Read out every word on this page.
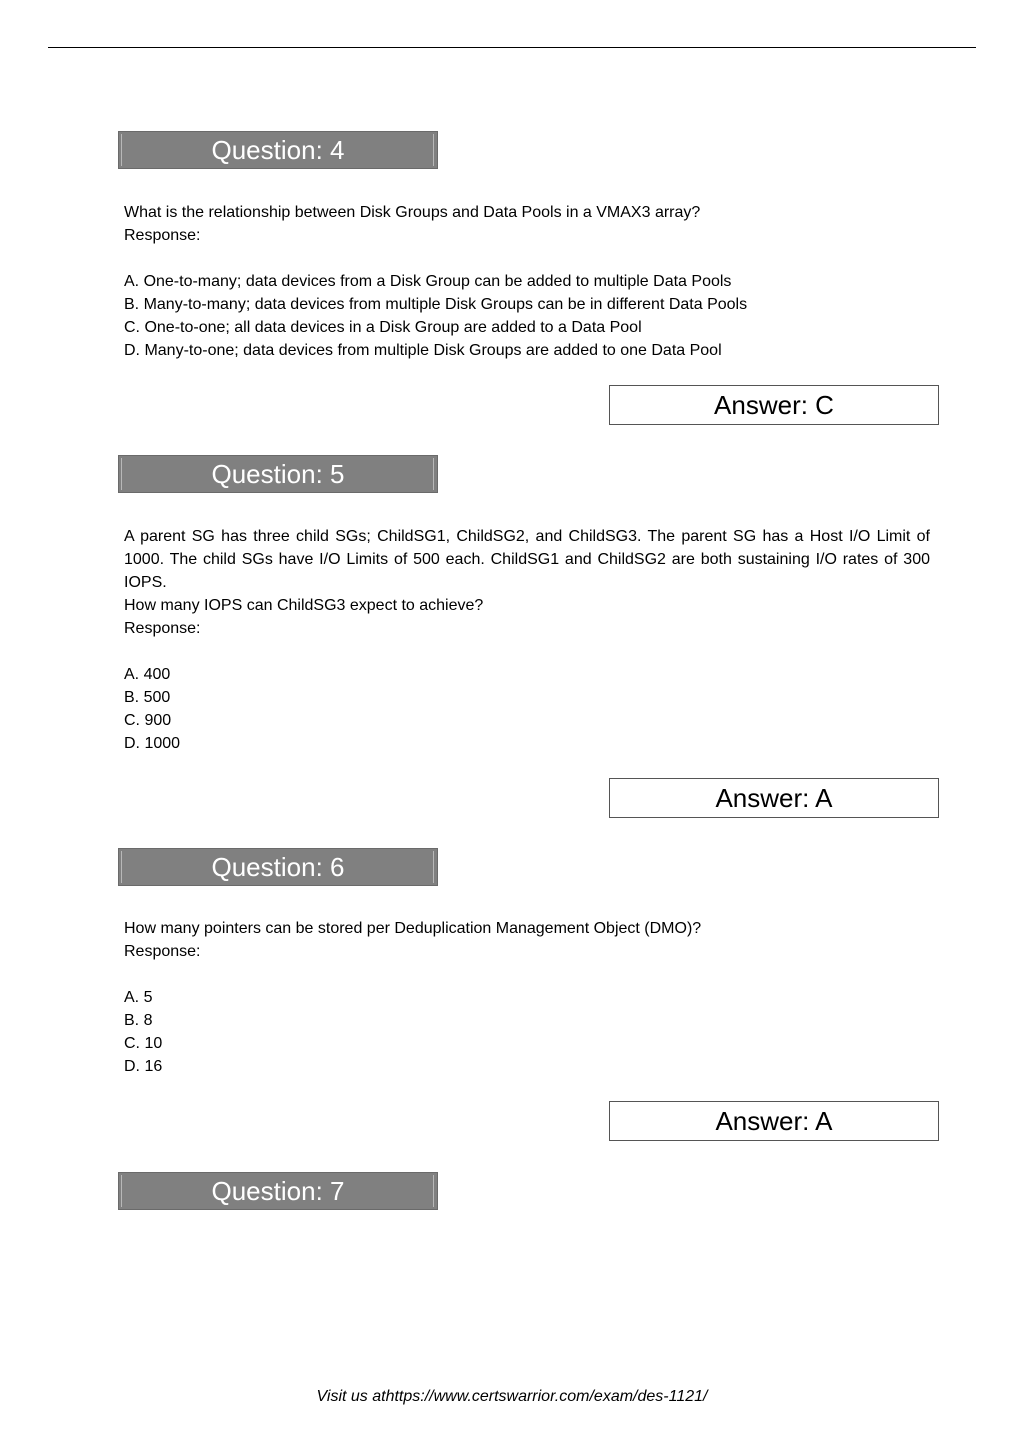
Question: 4
What is the relationship between Disk Groups and Data Pools in a VMAX3 array?
Response:
A. One-to-many; data devices from a Disk Group can be added to multiple Data Pools
B. Many-to-many; data devices from multiple Disk Groups can be in different Data Pools
C. One-to-one; all data devices in a Disk Group are added to a Data Pool
D. Many-to-one; data devices from multiple Disk Groups are added to one Data Pool
Answer: C
Question: 5
A parent SG has three child SGs; ChildSG1, ChildSG2, and ChildSG3. The parent SG has a Host I/O Limit of 1000. The child SGs have I/O Limits of 500 each. ChildSG1 and ChildSG2 are both sustaining I/O rates of 300 IOPS.
How many IOPS can ChildSG3 expect to achieve?
Response:
A. 400
B. 500
C. 900
D. 1000
Answer: A
Question: 6
How many pointers can be stored per Deduplication Management Object (DMO)?
Response:
A. 5
B. 8
C. 10
D. 16
Answer: A
Question: 7
Visit us athttps://www.certswarrior.com/exam/des-1121/
